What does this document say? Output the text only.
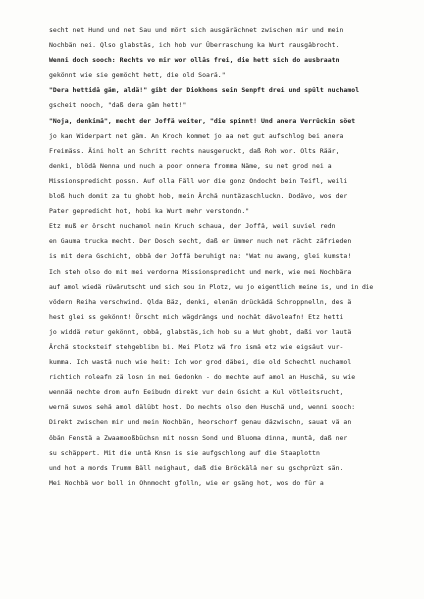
secht net Hund und net Sau und mört sich ausgärächnet zwischen mir und mein
Nochbän nei. Qlso glabstäs, ich hob vur Überraschung ka Wurt rausgäbrocht.
Wenni doch sooch: Rechts vo mir wor olläs frei, die hett sich do ausbraatn
gekönnt wie sie gemöcht hett, die old Soarä."
"Dera hettidä gäm, aldä!" gibt der Diokhons sein Senpft drei und spült nuchamol
gscheit nooch, "daß dera gäm hett!"
"Noja, denkimä", mecht der Joffä weiter, "die spinnt! Und anera Verrückin söet
jo kan Widerpart net gäm. An Kroch kommet jo aa net gut aufschlog bei anera
Freimäss. Äini holt an Schritt rechts nausgeruckt, daß Roh wor. Olts Räär,
denki, blödä Nenna und nuch a poor onnera fromma Näme, su net grod nei a
Missionspredicht possn. Auf olla Fäll wor die gonz Ondocht bein Teifl, weili
bloß huch domit za tu ghobt hob, mein Ärchä nuntäzaschluckn. Dodävo, wos der
Pater gepredicht hot, hobi ka Wurt mehr verstondn."
Etz muß er örscht nuchamol nein Kruch schaua, der Joffä, weil suviel redn
en Gauma trucka mecht. Der Dosch secht, daß er ümmer nuch net rächt zäfrieden
is mit dera Gschicht, obbä der Joffä beruhigt na: "Wat nu awang, glei kumsta!
Ich steh olso do mit mei verdorna Missionspredicht und merk, wie mei Nochbära
auf amol wiedä rüwärutscht und sich sou in Plotz, wu jo eigentlich meine is, und in die
vödern Reiha verschwind. Qlda Bäz, denki, elenän drückädä Schroppnelln, des ä
hest glei ss gekönnt! Örscht mich wägdrängs und nochät dävoleafn! Etz hetti
jo widdä retur gekönnt, obbä, glabstäs,ich hob su a Wut ghobt, daßi vor lautä
Ärchä stocksteif stehgeblibn bi. Mei Plotz wä fro ismä etz wie eigsäut vur-
kumma. Ich wastä nuch wie heit: Ich wor grod däbei, die old Schechtl nuchamol
richtich roleafn zä losn in mei Gedonkn - do mechte auf amol an Huschä, su wie
wennää nechte drom aufn Eeibudn direkt vur dein Gsicht a Kul vötleitsrucht,
wernä suwos sehä amol dälübt host. Do mechts olso den Huschä und, wenni sooch:
Direkt zwischen mir und mein Nochbän, heorschorf genau däzwischn, sauat vä an
öbän Fenstä a Zwaamooßbüchsn mit nossn Sond und Bluoma dinna, muntä, daß ner
su schäppert. Mit die untä Knsn is sie aufgschlong auf die Staaplottn
und hot a mords Trumm Bäll neighaut, daß die Bröckälä ner su gschprüzt sän.
Mei Nochbä wor boll in Ohnmocht gfolln, wie er gsäng hot, wos do für a
